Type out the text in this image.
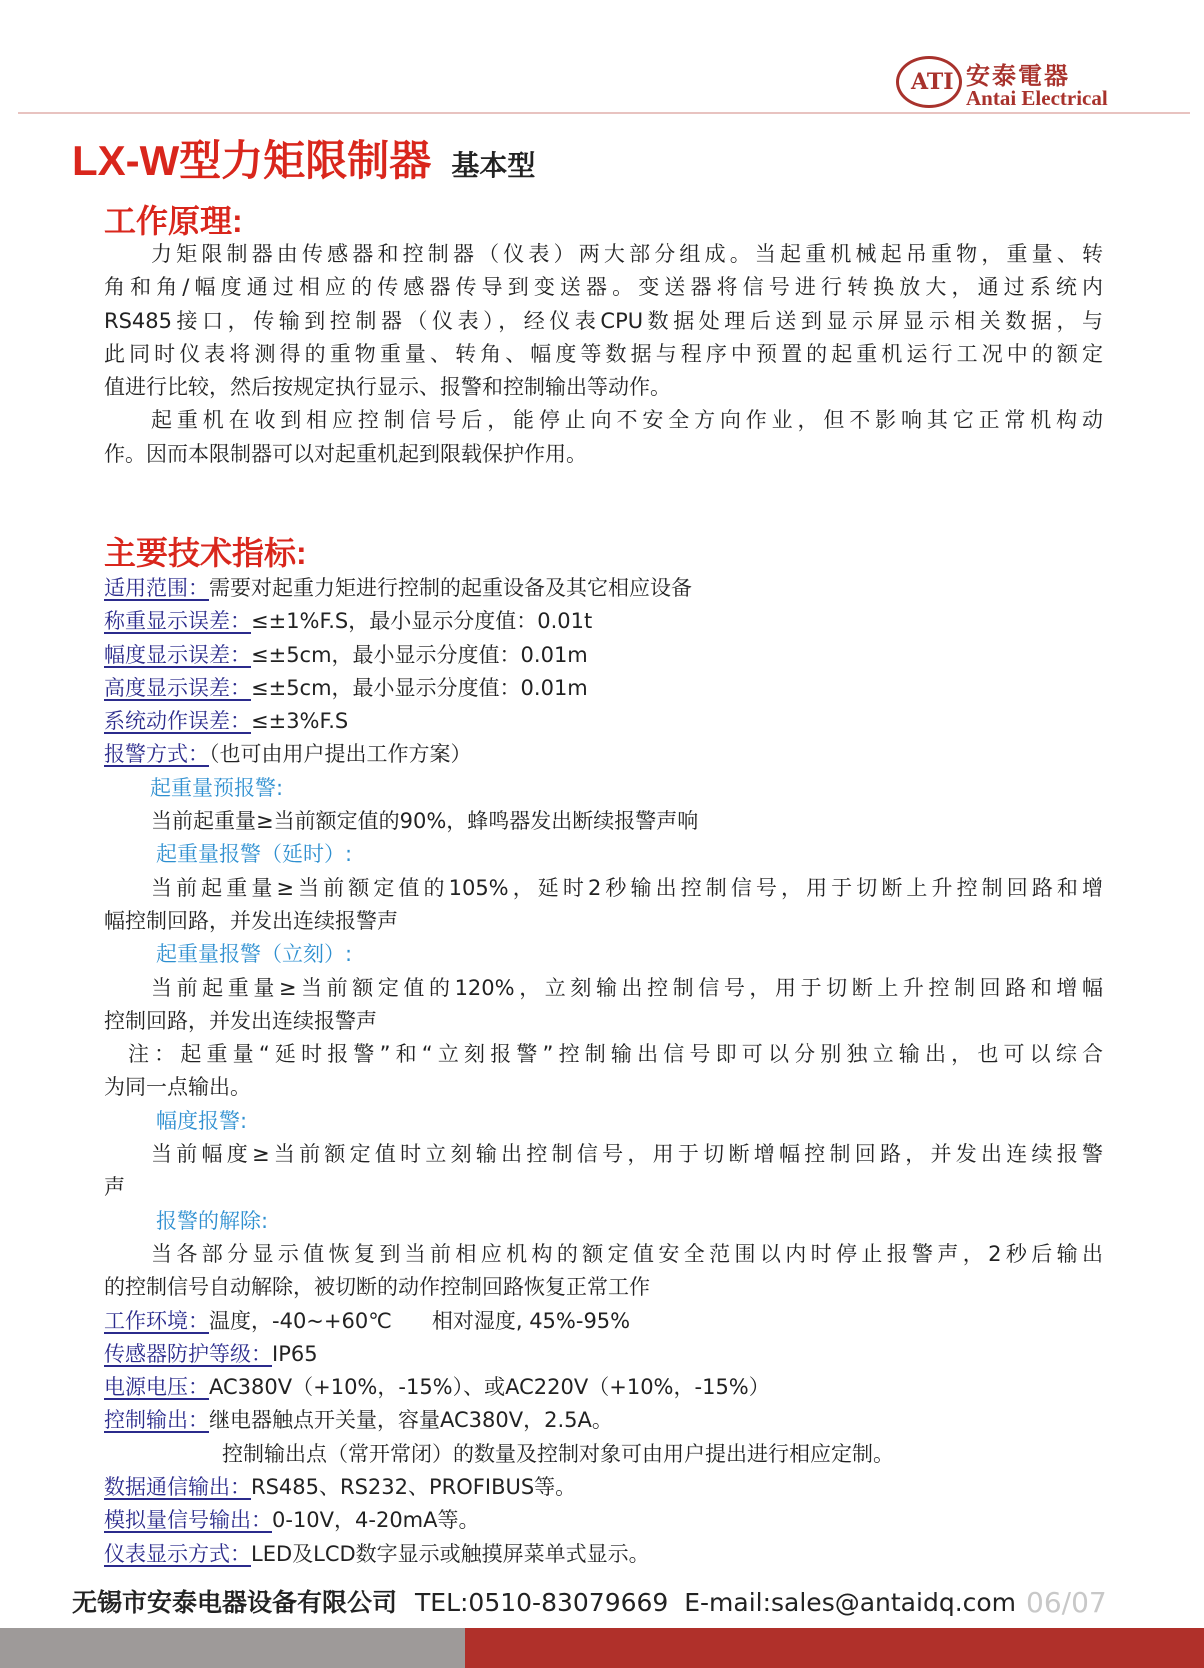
ATI 安泰電器
Antai Electrical
LX-W型力矩限制器 基本型
工作原理:
力矩限制器由传感器和控制器（仪表）两大部分组成。当起重机械起吊重物，重量、转
角和角/幅度通过相应的传感器传导到变送器。变送器将信号进行转换放大，通过系统内
RS485接口，传输到控制器（仪表），经仪表CPU数据处理后送到显示屏显示相关数据，与
此同时仪表将测得的重物重量、转角、幅度等数据与程序中预置的起重机运行工况中的额定
值进行比较，然后按规定执行显示、报警和控制输出等动作。
起重机在收到相应控制信号后，能停止向不安全方向作业，但不影响其它正常机构动
作。因而本限制器可以对起重机起到限载保护作用。
主要技术指标:
适用范围：需要对起重力矩进行控制的起重设备及其它相应设备
称重显示误差：≤±1%F.S，最小显示分度值：0.01t
幅度显示误差：≤±5cm，最小显示分度值：0.01m
高度显示误差：≤±5cm，最小显示分度值：0.01m
系统动作误差：≤±3%F.S
报警方式：（也可由用户提出工作方案）
起重量预报警:
当前起重量≥当前额定值的90%，蜂鸣器发出断续报警声响
起重量报警（延时）:
当前起重量≥当前额定值的105%，延时2秒输出控制信号，用于切断上升控制回路和增
幅控制回路，并发出连续报警声
起重量报警（立刻）:
当前起重量≥当前额定值的120%，立刻输出控制信号，用于切断上升控制回路和增幅
控制回路，并发出连续报警声
注：起重量“延时报警”和“立刻报警”控制输出信号即可以分别独立输出，也可以综合
为同一点输出。
幅度报警:
当前幅度≥当前额定值时立刻输出控制信号，用于切断增幅控制回路，并发出连续报警
声
报警的解除:
当各部分显示值恢复到当前相应机构的额定值安全范围以内时停止报警声，2秒后输出
的控制信号自动解除，被切断的动作控制回路恢复正常工作
工作环境：温度，-40~+60℃      相对湿度, 45%-95%
传感器防护等级：IP65
电源电压：AC380V（+10%，-15%）、或AC220V（+10%，-15%）
控制输出：继电器触点开关量，容量AC380V，2.5A。
控制输出点（常开常闭）的数量及控制对象可由用户提出进行相应定制。
数据通信输出：RS485、RS232、PROFIBUS等。
模拟量信号输出：0-10V，4-20mA等。
仪表显示方式：LED及LCD数字显示或触摸屏菜单式显示。
无锡市安泰电器设备有限公司 TEL:0510-83079669  E-mail:sales@antaidq.com 06/07
